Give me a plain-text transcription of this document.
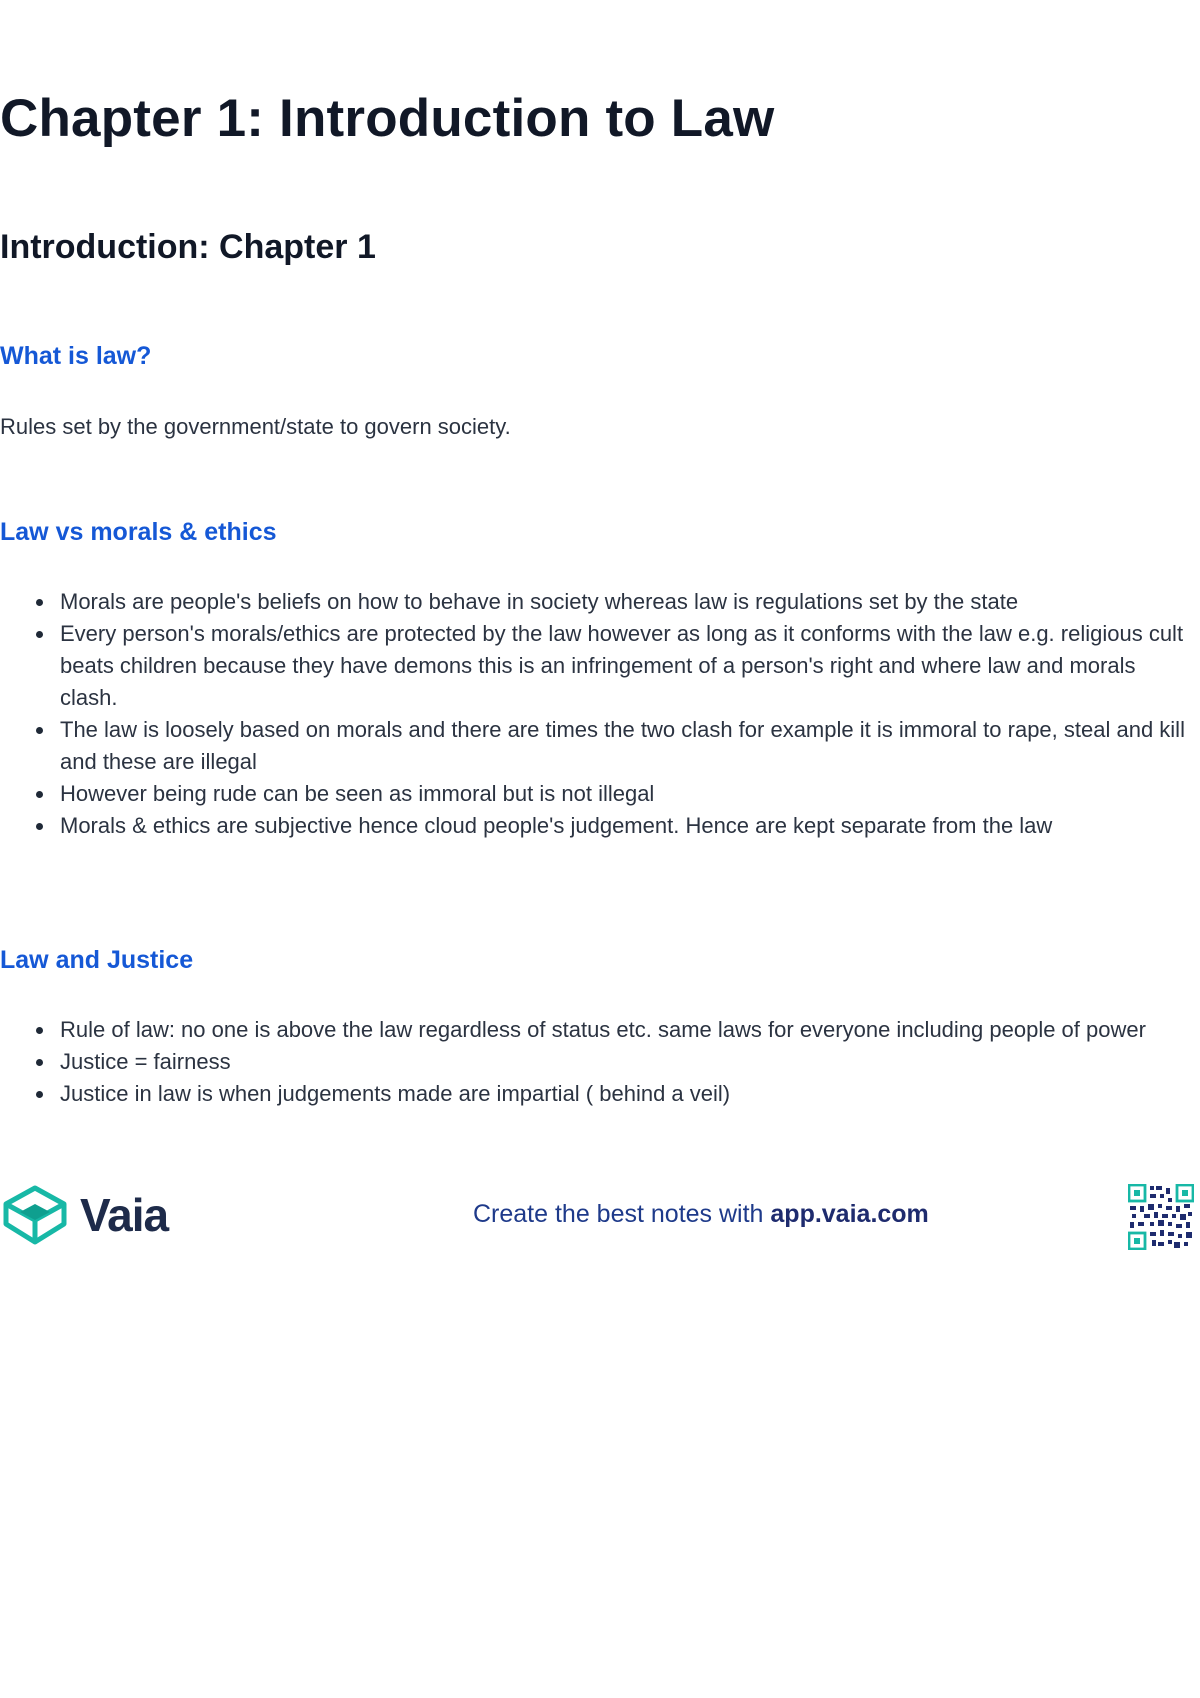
Chapter 1: Introduction to Law
Introduction: Chapter 1
What is law?

Rules set by the government/state to govern society.

Law vs morals & ethics
Morals are people's beliefs on how to behave in society whereas law is regulations set by the state
Every person's morals/ethics are protected by the law however as long as it conforms with the law e.g. religious cult beats children because they have demons this is an infringement of a person's right and where law and morals clash.
The law is loosely based on morals and there are times the two clash for example it is immoral to rape, steal and kill and these are illegal
However being rude can be seen as immoral but is not illegal
Morals & ethics are subjective hence cloud people's judgement. Hence are kept separate from the law
Law and Justice
Rule of law: no one is above the law regardless of status etc. same laws for everyone including people of power
Justice = fairness
Justice in law is when judgements made are impartial ( behind a veil)
Vaia	Create the best notes with app.vaia.com
